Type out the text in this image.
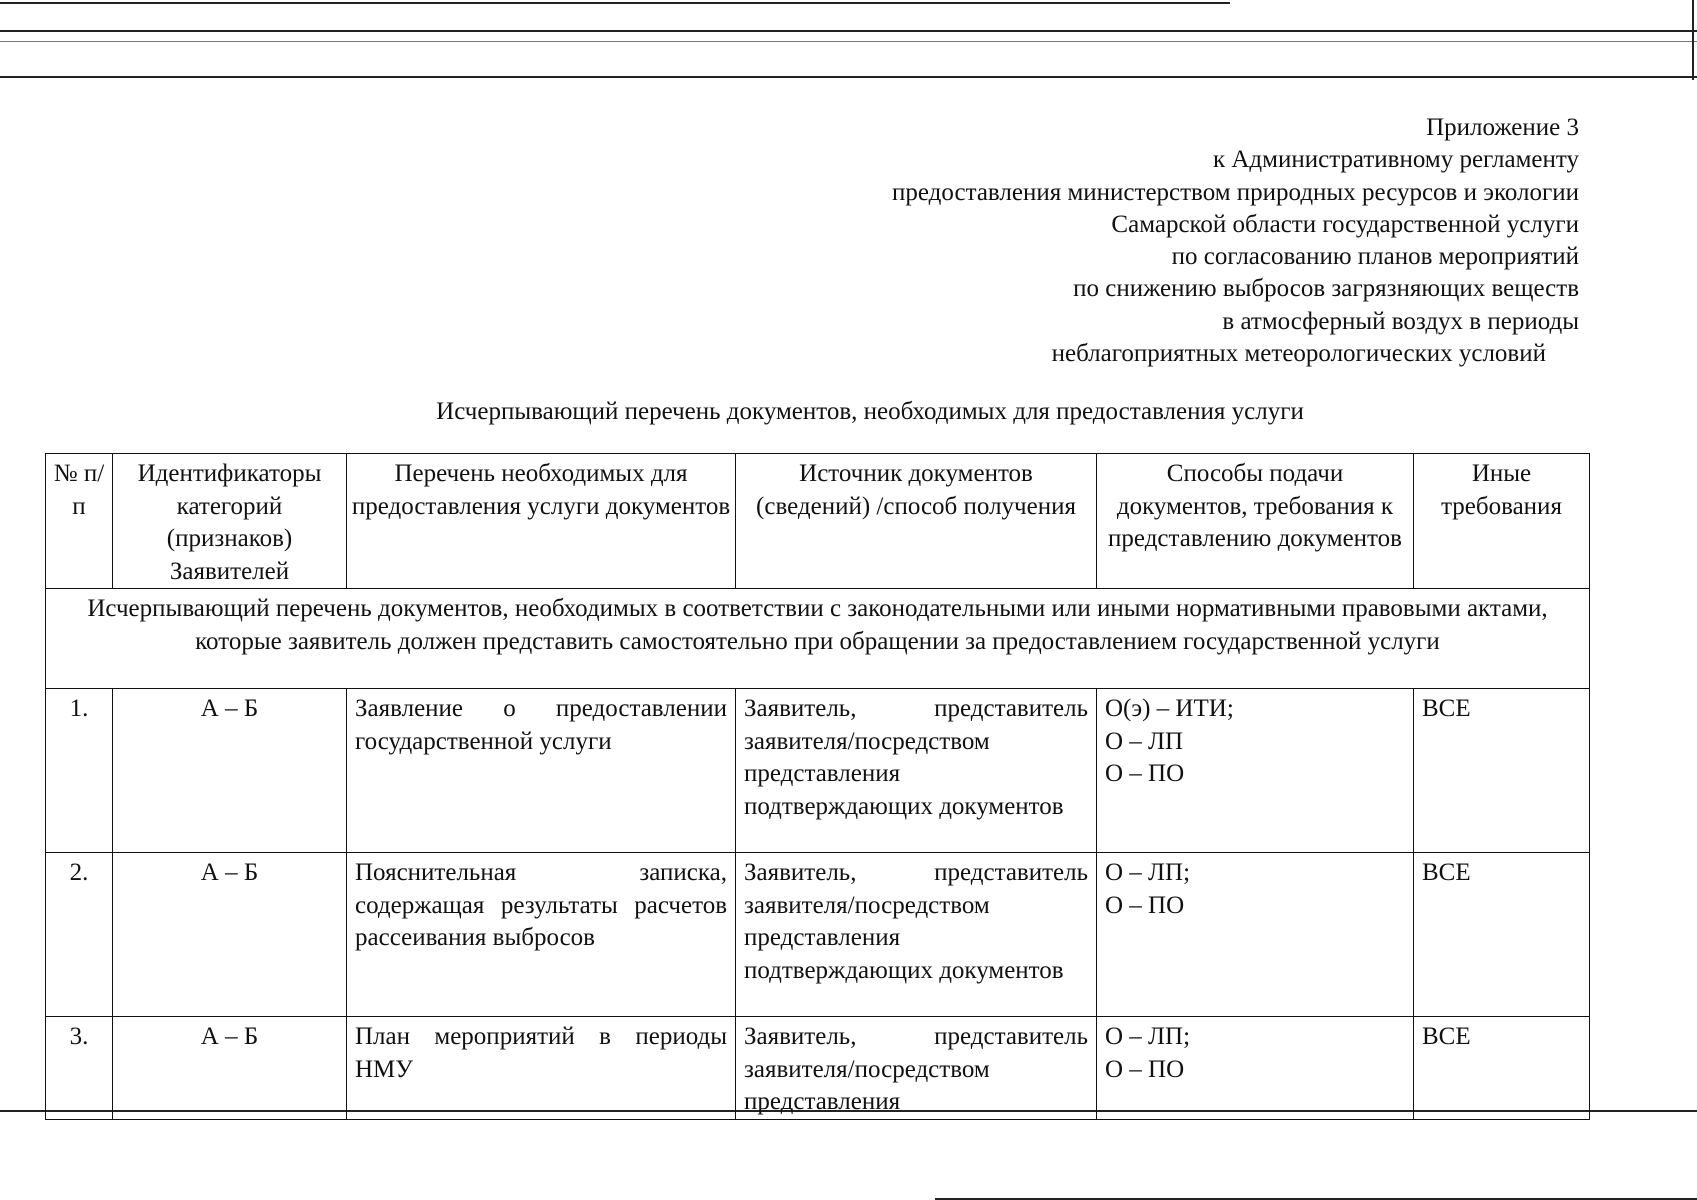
Приложение 3
к Административному регламенту
предоставления министерством природных ресурсов и экологии
Самарской области государственной услуги
по согласованию планов мероприятий
по снижению выбросов загрязняющих веществ
в атмосферный воздух в периоды
неблагоприятных метеорологических условий
Исчерпывающий перечень документов, необходимых для предоставления услуги
№ п/п	Идентификаторы категорий (признаков) Заявителей	Перечень необходимых для предоставления услуги документов	Источник документов (сведений) /способ получения	Способы подачи документов, требования к представлению документов	Иные требования
Исчерпывающий перечень документов, необходимых в соответствии с законодательными или иными нормативными правовыми актами, которые заявитель должен представить самостоятельно при обращении за предоставлением государственной услуги					
1.	А – Б	Заявление о предоставлении государственной услуги	Заявитель, представитель заявителя/посредством представления подтверждающих документов	О(э) – ИТИ;
О – ЛП
О – ПО	ВСЕ
2.	А – Б	Пояснительная записка, содержащая результаты расчетов рассеивания выбросов	Заявитель, представитель заявителя/посредством представления подтверждающих документов	О – ЛП;
О – ПО	ВСЕ
3.	А – Б	План мероприятий в периоды НМУ	Заявитель, представитель заявителя/посредством представления	О – ЛП;
О – ПО	ВСЕ
